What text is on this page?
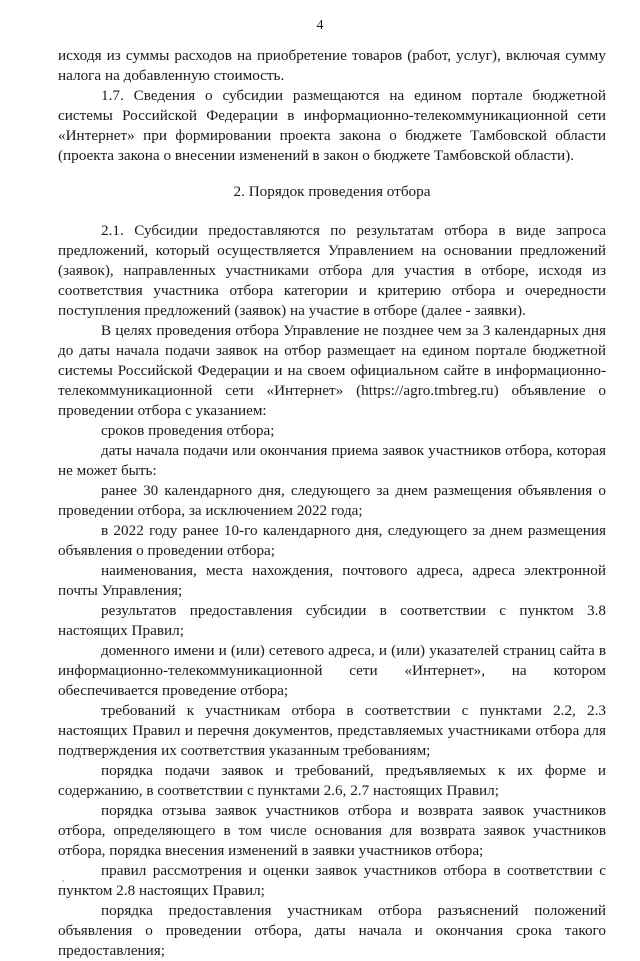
4

исходя из суммы расходов на приобретение товаров (работ, услуг), включая сумму налога на добавленную стоимость.

1.7. Сведения о субсидии размещаются на едином портале бюджетной системы Российской Федерации в информационно-телекоммуникационной сети «Интернет» при формировании проекта закона о бюджете Тамбовской области (проекта закона о внесении изменений в закон о бюджете Тамбовской области).

2. Порядок проведения отбора

2.1. Субсидии предоставляются по результатам отбора в виде запроса предложений, который осуществляется Управлением на основании предложений (заявок), направленных участниками отбора для участия в отборе, исходя из соответствия участника отбора категории и критерию отбора и очередности поступления предложений (заявок) на участие в отборе (далее - заявки).

В целях проведения отбора Управление не позднее чем за 3 календарных дня до даты начала подачи заявок на отбор размещает на едином портале бюджетной системы Российской Федерации и на своем официальном сайте в информационно-телекоммуникационной сети «Интернет» (https://agro.tmbreg.ru) объявление о проведении отбора с указанием:

сроков проведения отбора;

даты начала подачи или окончания приема заявок участников отбора, которая не может быть:

ранее 30 календарного дня, следующего за днем размещения объявления о проведении отбора, за исключением 2022 года;

в 2022 году ранее 10-го календарного дня, следующего за днем размещения объявления о проведении отбора;

наименования, места нахождения, почтового адреса, адреса электронной почты Управления;

результатов предоставления субсидии в соответствии с пунктом 3.8 настоящих Правил;

доменного имени и (или) сетевого адреса, и (или) указателей страниц сайта в информационно-телекоммуникационной сети «Интернет», на котором обеспечивается проведение отбора;

требований к участникам отбора в соответствии с пунктами 2.2, 2.3 настоящих Правил и перечня документов, представляемых участниками отбора для подтверждения их соответствия указанным требованиям;

порядка подачи заявок и требований, предъявляемых к их форме и содержанию, в соответствии с пунктами 2.6, 2.7 настоящих Правил;

порядка отзыва заявок участников отбора и возврата заявок участников отбора, определяющего в том числе основания для возврата заявок участников отбора, порядка внесения изменений в заявки участников отбора;

правил рассмотрения и оценки заявок участников отбора в соответствии с пунктом 2.8 настоящих Правил;

порядка предоставления участникам отбора разъяснений положений объявления о проведении отбора, даты начала и окончания срока такого предоставления;
